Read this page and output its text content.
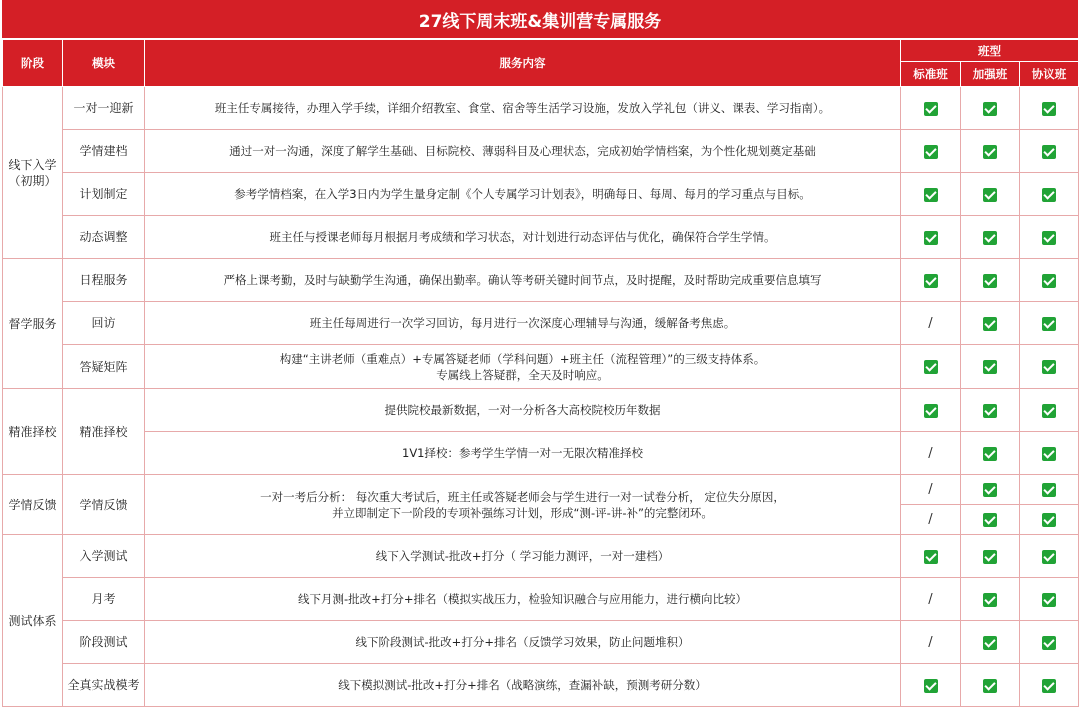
27线下周末班&集训营专属服务
阶段	模块	服务内容	班型		
			标准班	加强班	协议班
线下入学
（初期）	一对一迎新	班主任专属接待，办理入学手续，详细介绍教室、食堂、宿舍等生活学习设施，发放入学礼包（讲义、课表、学习指南）。			
	学情建档	通过一对一沟通，深度了解学生基础、目标院校、薄弱科目及心理状态，完成初始学情档案，为个性化规划奠定基础			
	计划制定	参考学情档案，在入学3日内为学生量身定制《个人专属学习计划表》，明确每日、每周、每月的学习重点与目标。			
	动态调整	班主任与授课老师每月根据月考成绩和学习状态，对计划进行动态评估与优化，确保符合学生学情。			
督学服务	日程服务	严格上课考勤，及时与缺勤学生沟通，确保出勤率。确认等考研关键时间节点，及时提醒，及时帮助完成重要信息填写			
	回访	班主任每周进行一次学习回访，每月进行一次深度心理辅导与沟通，缓解备考焦虑。	/		
	答疑矩阵	构建“主讲老师（重难点）+专属答疑老师（学科问题）+班主任（流程管理）”的三级支持体系。
专属线上答疑群，全天及时响应。			
精准择校	精准择校	提供院校最新数据，一对一分析各大高校院校历年数据			
		1V1择校：参考学生学情一对一无限次精准择校	/		
学情反馈	学情反馈	一对一考后分析： 每次重大考试后，班主任或答疑老师会与学生进行一对一试卷分析， 定位失分原因，
并立即制定下一阶段的专项补强练习计划，形成“测-评-讲-补”的完整闭环。	/		
			/		
测试体系	入学测试	线下入学测试-批改+打分（ 学习能力测评，一对一建档）			
	月考	线下月测-批改+打分+排名（模拟实战压力，检验知识融合与应用能力，进行横向比较）	/		
	阶段测试	线下阶段测试-批改+打分+排名（反馈学习效果，防止问题堆积）	/		
	全真实战模考	线下模拟测试-批改+打分+排名（战略演练，查漏补缺，预测考研分数）			
